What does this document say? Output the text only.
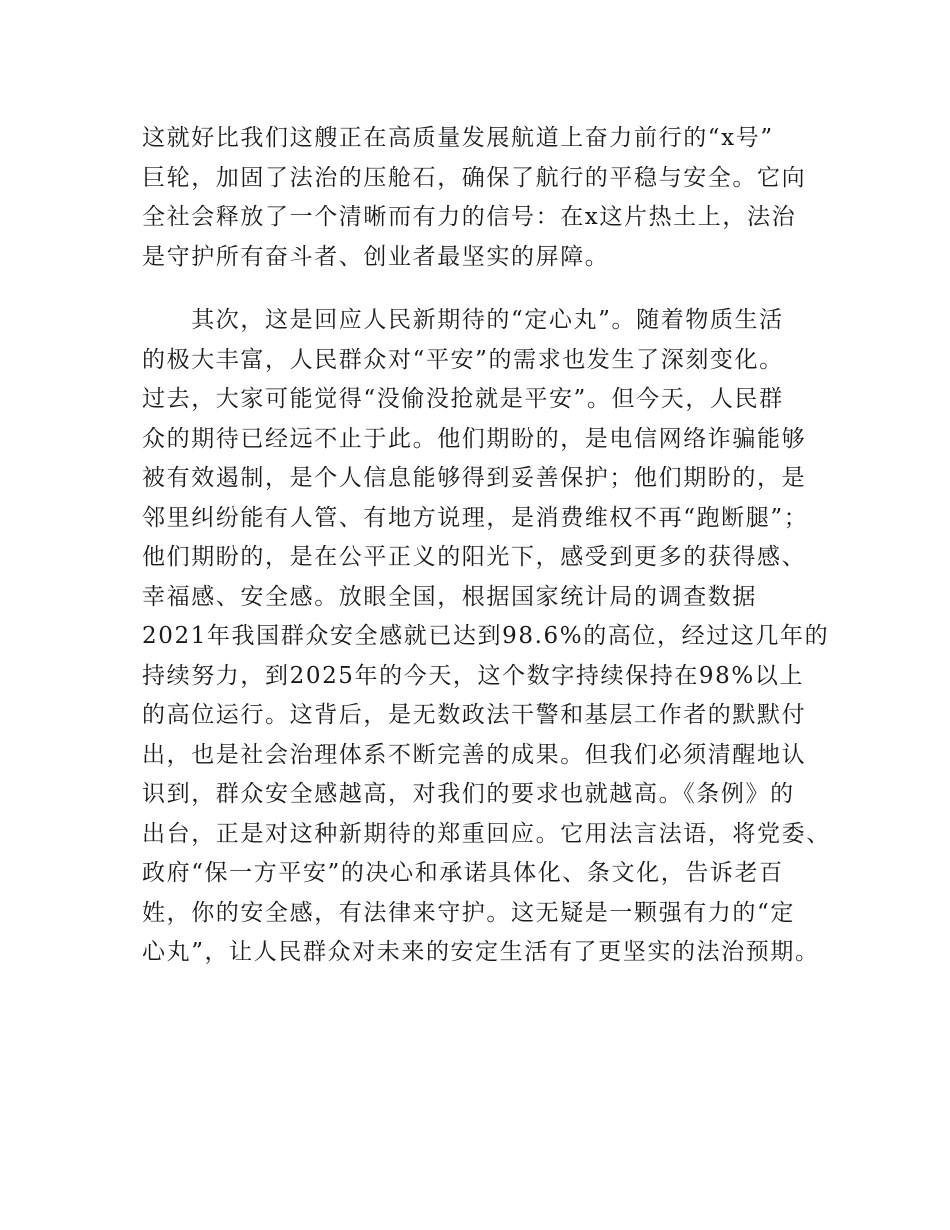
这就好比我们这艘正在高质量发展航道上奋力前行的“x号”
巨轮，加固了法治的压舱石，确保了航行的平稳与安全。它向
全社会释放了一个清晰而有力的信号：在x这片热土上，法治
是守护所有奋斗者、创业者最坚实的屏障。
　　其次，这是回应人民新期待的“定心丸”。随着物质生活
的极大丰富，人民群众对“平安”的需求也发生了深刻变化。
过去，大家可能觉得“没偷没抢就是平安”。但今天，人民群
众的期待已经远不止于此。他们期盼的，是电信网络诈骗能够
被有效遏制，是个人信息能够得到妥善保护；他们期盼的，是
邻里纠纷能有人管、有地方说理，是消费维权不再“跑断腿”；
他们期盼的，是在公平正义的阳光下，感受到更多的获得感、
幸福感、安全感。放眼全国，根据国家统计局的调查数据
2021年我国群众安全感就已达到98.6%的高位，经过这几年的
持续努力，到2025年的今天，这个数字持续保持在98%以上
的高位运行。这背后，是无数政法干警和基层工作者的默默付
出，也是社会治理体系不断完善的成果。但我们必须清醒地认
识到，群众安全感越高，对我们的要求也就越高。《条例》的
出台，正是对这种新期待的郑重回应。它用法言法语，将党委、
政府“保一方平安”的决心和承诺具体化、条文化，告诉老百
姓，你的安全感，有法律来守护。这无疑是一颗强有力的“定
心丸”，让人民群众对未来的安定生活有了更坚实的法治预期。
